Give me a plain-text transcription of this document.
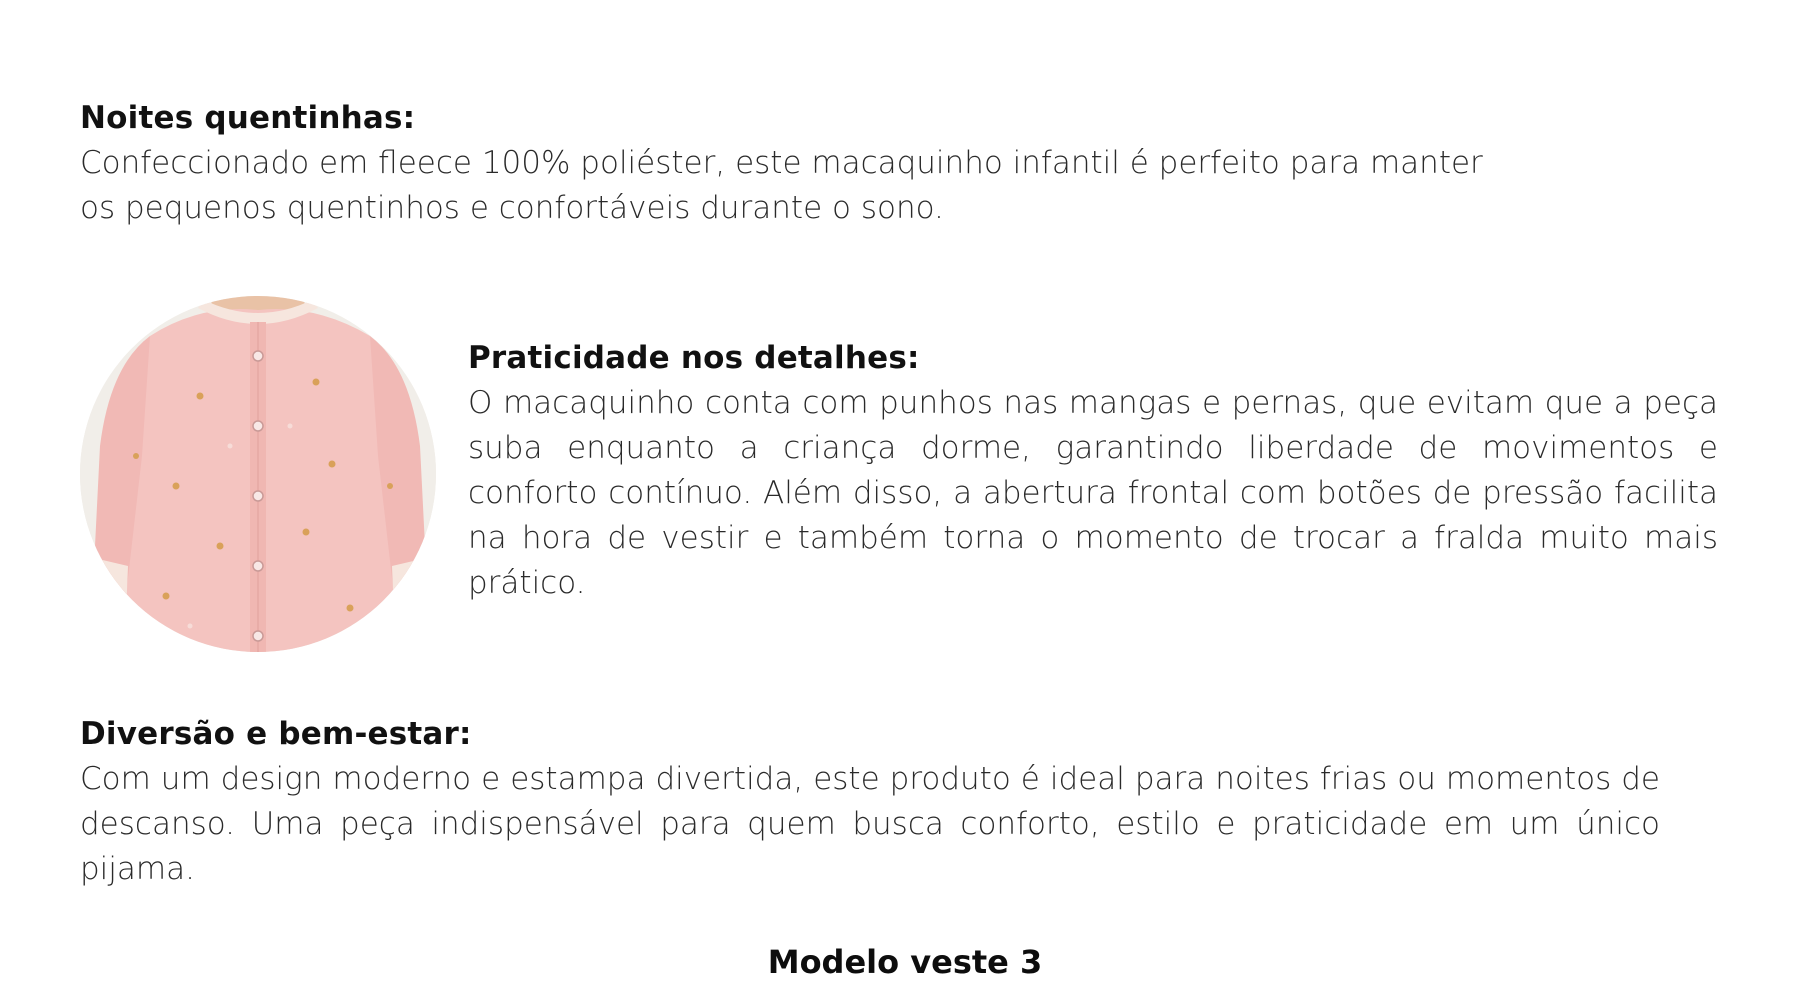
Noites quentinhas:
Confeccionado em fleece 100% poliéster, este macaquinho infantil é perfeito para manter
os pequenos quentinhos e confortáveis durante o sono.
Praticidade nos detalhes:
O macaquinho conta com punhos nas mangas e pernas, que evitam que a peça suba enquanto a criança dorme, garantindo liberdade de movimentos e conforto contínuo. Além disso, a abertura frontal com botões de pressão facilita na hora de vestir e também torna o momento de trocar a fralda muito mais prático.
Diversão e bem-estar:
Com um design moderno e estampa divertida, este produto é ideal para noites frias ou momentos de descanso. Uma peça indispensável para quem busca conforto, estilo e praticidade em um único pijama.
Modelo veste 3
